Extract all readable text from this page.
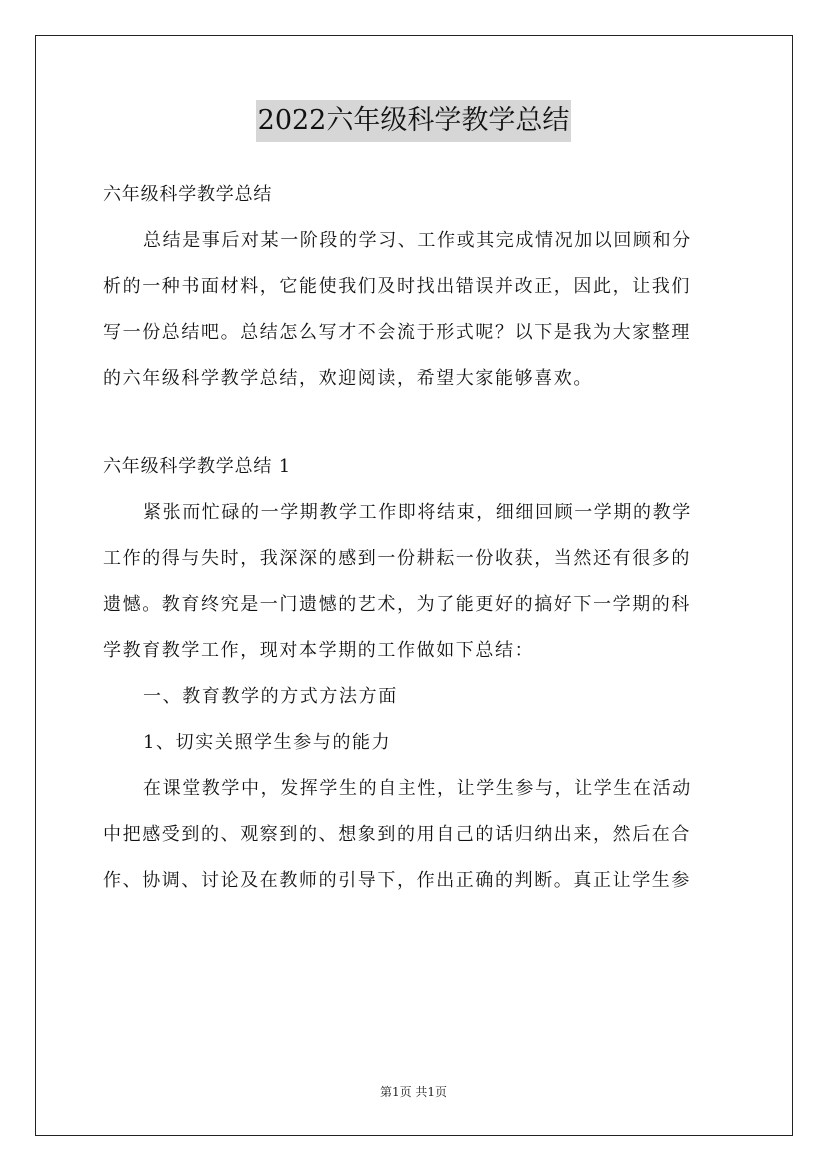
2022六年级科学教学总结
六年级科学教学总结
总结是事后对某一阶段的学习、工作或其完成情况加以回顾和分
析的一种书面材料，它能使我们及时找出错误并改正，因此，让我们
写一份总结吧。总结怎么写才不会流于形式呢？以下是我为大家整理
的六年级科学教学总结，欢迎阅读，希望大家能够喜欢。
六年级科学教学总结 1
紧张而忙碌的一学期教学工作即将结束，细细回顾一学期的教学
工作的得与失时，我深深的感到一份耕耘一份收获，当然还有很多的
遗憾。教育终究是一门遗憾的艺术，为了能更好的搞好下一学期的科
学教育教学工作，现对本学期的工作做如下总结：
一、教育教学的方式方法方面
1、切实关照学生参与的能力
在课堂教学中，发挥学生的自主性，让学生参与，让学生在活动
中把感受到的、观察到的、想象到的用自己的话归纳出来，然后在合
作、协调、讨论及在教师的引导下，作出正确的判断。真正让学生参
第1页 共1页
